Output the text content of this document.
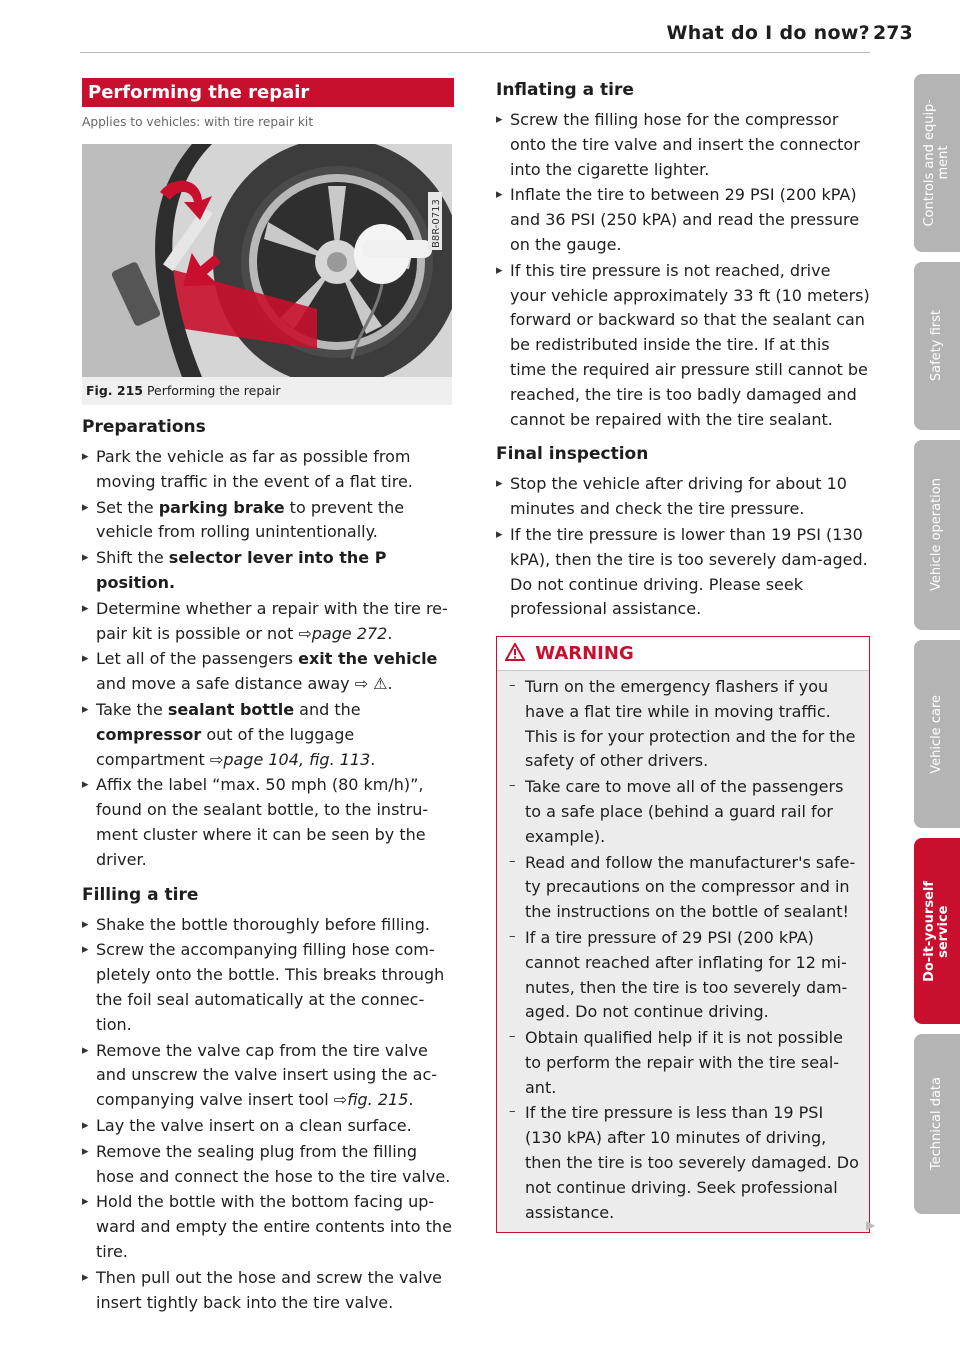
What do I do now? 273
Performing the repair
Applies to vehicles: with tire repair kit
B8R-0713
Fig. 215 Performing the repair
Preparations
▸ Park the vehicle as far as possible from moving traffic in the event of a flat tire.
▸ Set the parking brake to prevent the vehicle from rolling unintentionally.
▸ Shift the selector lever into the P position.
▸ Determine whether a repair with the tire re-pair kit is possible or not ⇨page 272.
▸ Let all of the passengers exit the vehicle and move a safe distance away ⇨ ⚠.
▸ Take the sealant bottle and the compressor out of the luggage compartment ⇨page 104, fig. 113.
▸ Affix the label “max. 50 mph (80 km/h)”, found on the sealant bottle, to the instru-ment cluster where it can be seen by the driver.
Filling a tire
▸ Shake the bottle thoroughly before filling.
▸ Screw the accompanying filling hose com-pletely onto the bottle. This breaks through the foil seal automatically at the connec-tion.
▸ Remove the valve cap from the tire valve and unscrew the valve insert using the ac-companying valve insert tool ⇨fig. 215.
▸ Lay the valve insert on a clean surface.
▸ Remove the sealing plug from the filling hose and connect the hose to the tire valve.
▸ Hold the bottle with the bottom facing up-ward and empty the entire contents into the tire.
▸ Then pull out the hose and screw the valve insert tightly back into the tire valve.
Inflating a tire
▸ Screw the filling hose for the compressor onto the tire valve and insert the connector into the cigarette lighter.
▸ Inflate the tire to between 29 PSI (200 kPA) and 36 PSI (250 kPA) and read the pressure on the gauge.
▸ If this tire pressure is not reached, drive your vehicle approximately 33 ft (10 meters) forward or backward so that the sealant can be redistributed inside the tire. If at this time the required air pressure still cannot be reached, the tire is too badly damaged and cannot be repaired with the tire sealant.
Final inspection
▸ Stop the vehicle after driving for about 10 minutes and check the tire pressure.
▸ If the tire pressure is lower than 19 PSI (130 kPA), then the tire is too severely dam-aged. Do not continue driving. Please seek professional assistance.
WARNING
– Turn on the emergency flashers if you have a flat tire while in moving traffic. This is for your protection and the for the safety of other drivers.
– Take care to move all of the passengers to a safe place (behind a guard rail for example).
– Read and follow the manufacturer's safe-ty precautions on the compressor and in the instructions on the bottle of sealant!
– If a tire pressure of 29 PSI (200 kPA) cannot reached after inflating for 12 mi-nutes, then the tire is too severely dam-aged. Do not continue driving.
– Obtain qualified help if it is not possible to perform the repair with the tire seal-ant.
– If the tire pressure is less than 19 PSI (130 kPA) after 10 minutes of driving, then the tire is too severely damaged. Do not continue driving. Seek professional assistance.
▶
Controls and equip-
ment
Safety first
Vehicle operation
Vehicle care
Do-it-yourself
service
Technical data
